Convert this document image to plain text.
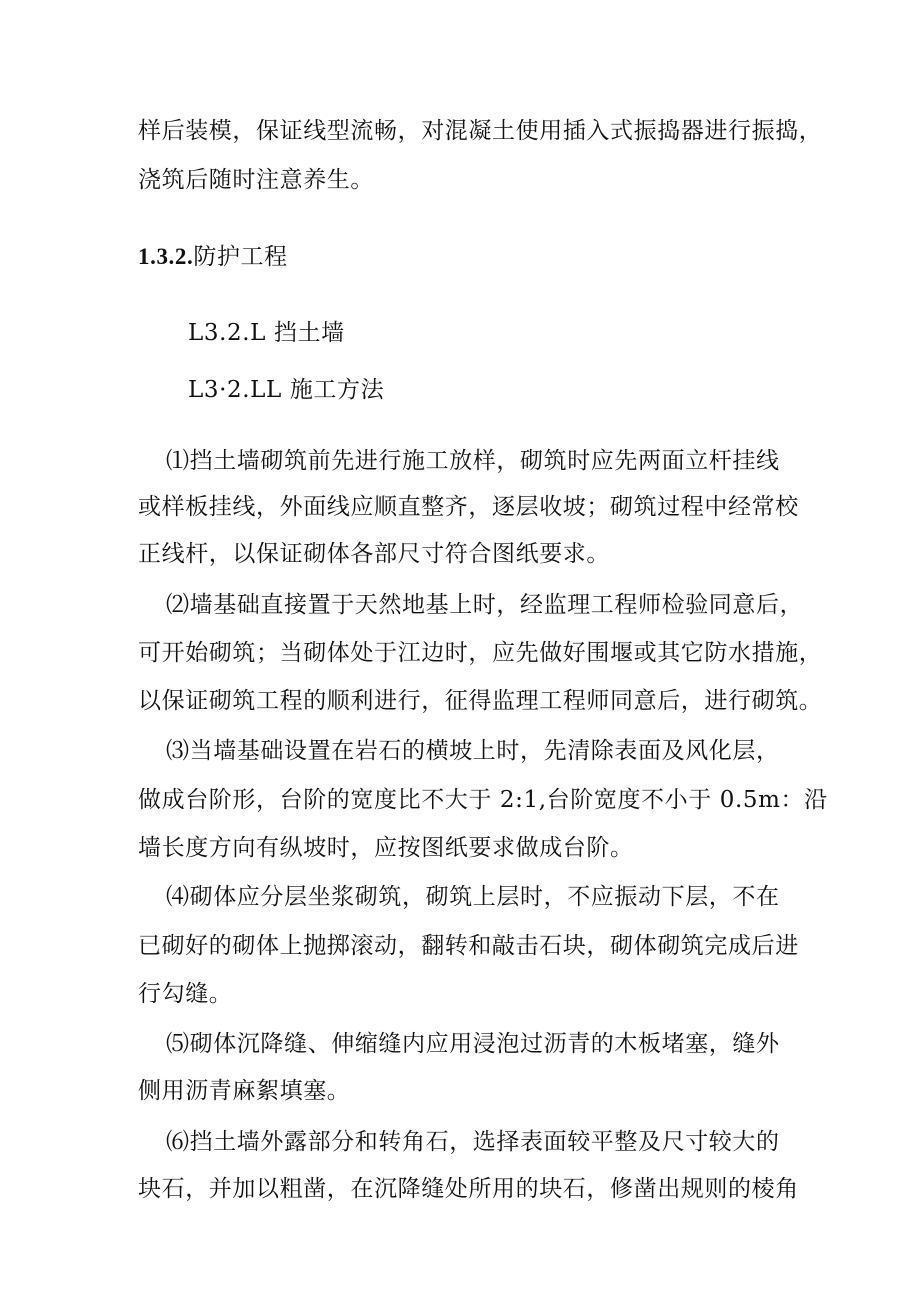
样后装模，保证线型流畅，对混凝土使用插入式振捣器进行振捣，
浇筑后随时注意养生。
1.3.2.防护工程
L3.2.L 挡土墙
L3·2.LL 施工方法
⑴挡土墙砌筑前先进行施工放样，砌筑时应先两面立杆挂线
或样板挂线，外面线应顺直整齐，逐层收坡；砌筑过程中经常校
正线杆，以保证砌体各部尺寸符合图纸要求。
⑵墙基础直接置于天然地基上时，经监理工程师检验同意后，
可开始砌筑；当砌体处于江边时，应先做好围堰或其它防水措施，
以保证砌筑工程的顺利进行，征得监理工程师同意后，进行砌筑。
⑶当墙基础设置在岩石的横坡上时，先清除表面及风化层，
做成台阶形，台阶的宽度比不大于 2:1,台阶宽度不小于 0.5m：沿
墙长度方向有纵坡时，应按图纸要求做成台阶。
⑷砌体应分层坐浆砌筑，砌筑上层时，不应振动下层，不在
已砌好的砌体上抛掷滚动，翻转和敲击石块，砌体砌筑完成后进
行勾缝。
⑸砌体沉降缝、伸缩缝内应用浸泡过沥青的木板堵塞，缝外
侧用沥青麻絮填塞。
⑹挡土墙外露部分和转角石，选择表面较平整及尺寸较大的
块石，并加以粗凿，在沉降缝处所用的块石，修凿出规则的棱角
